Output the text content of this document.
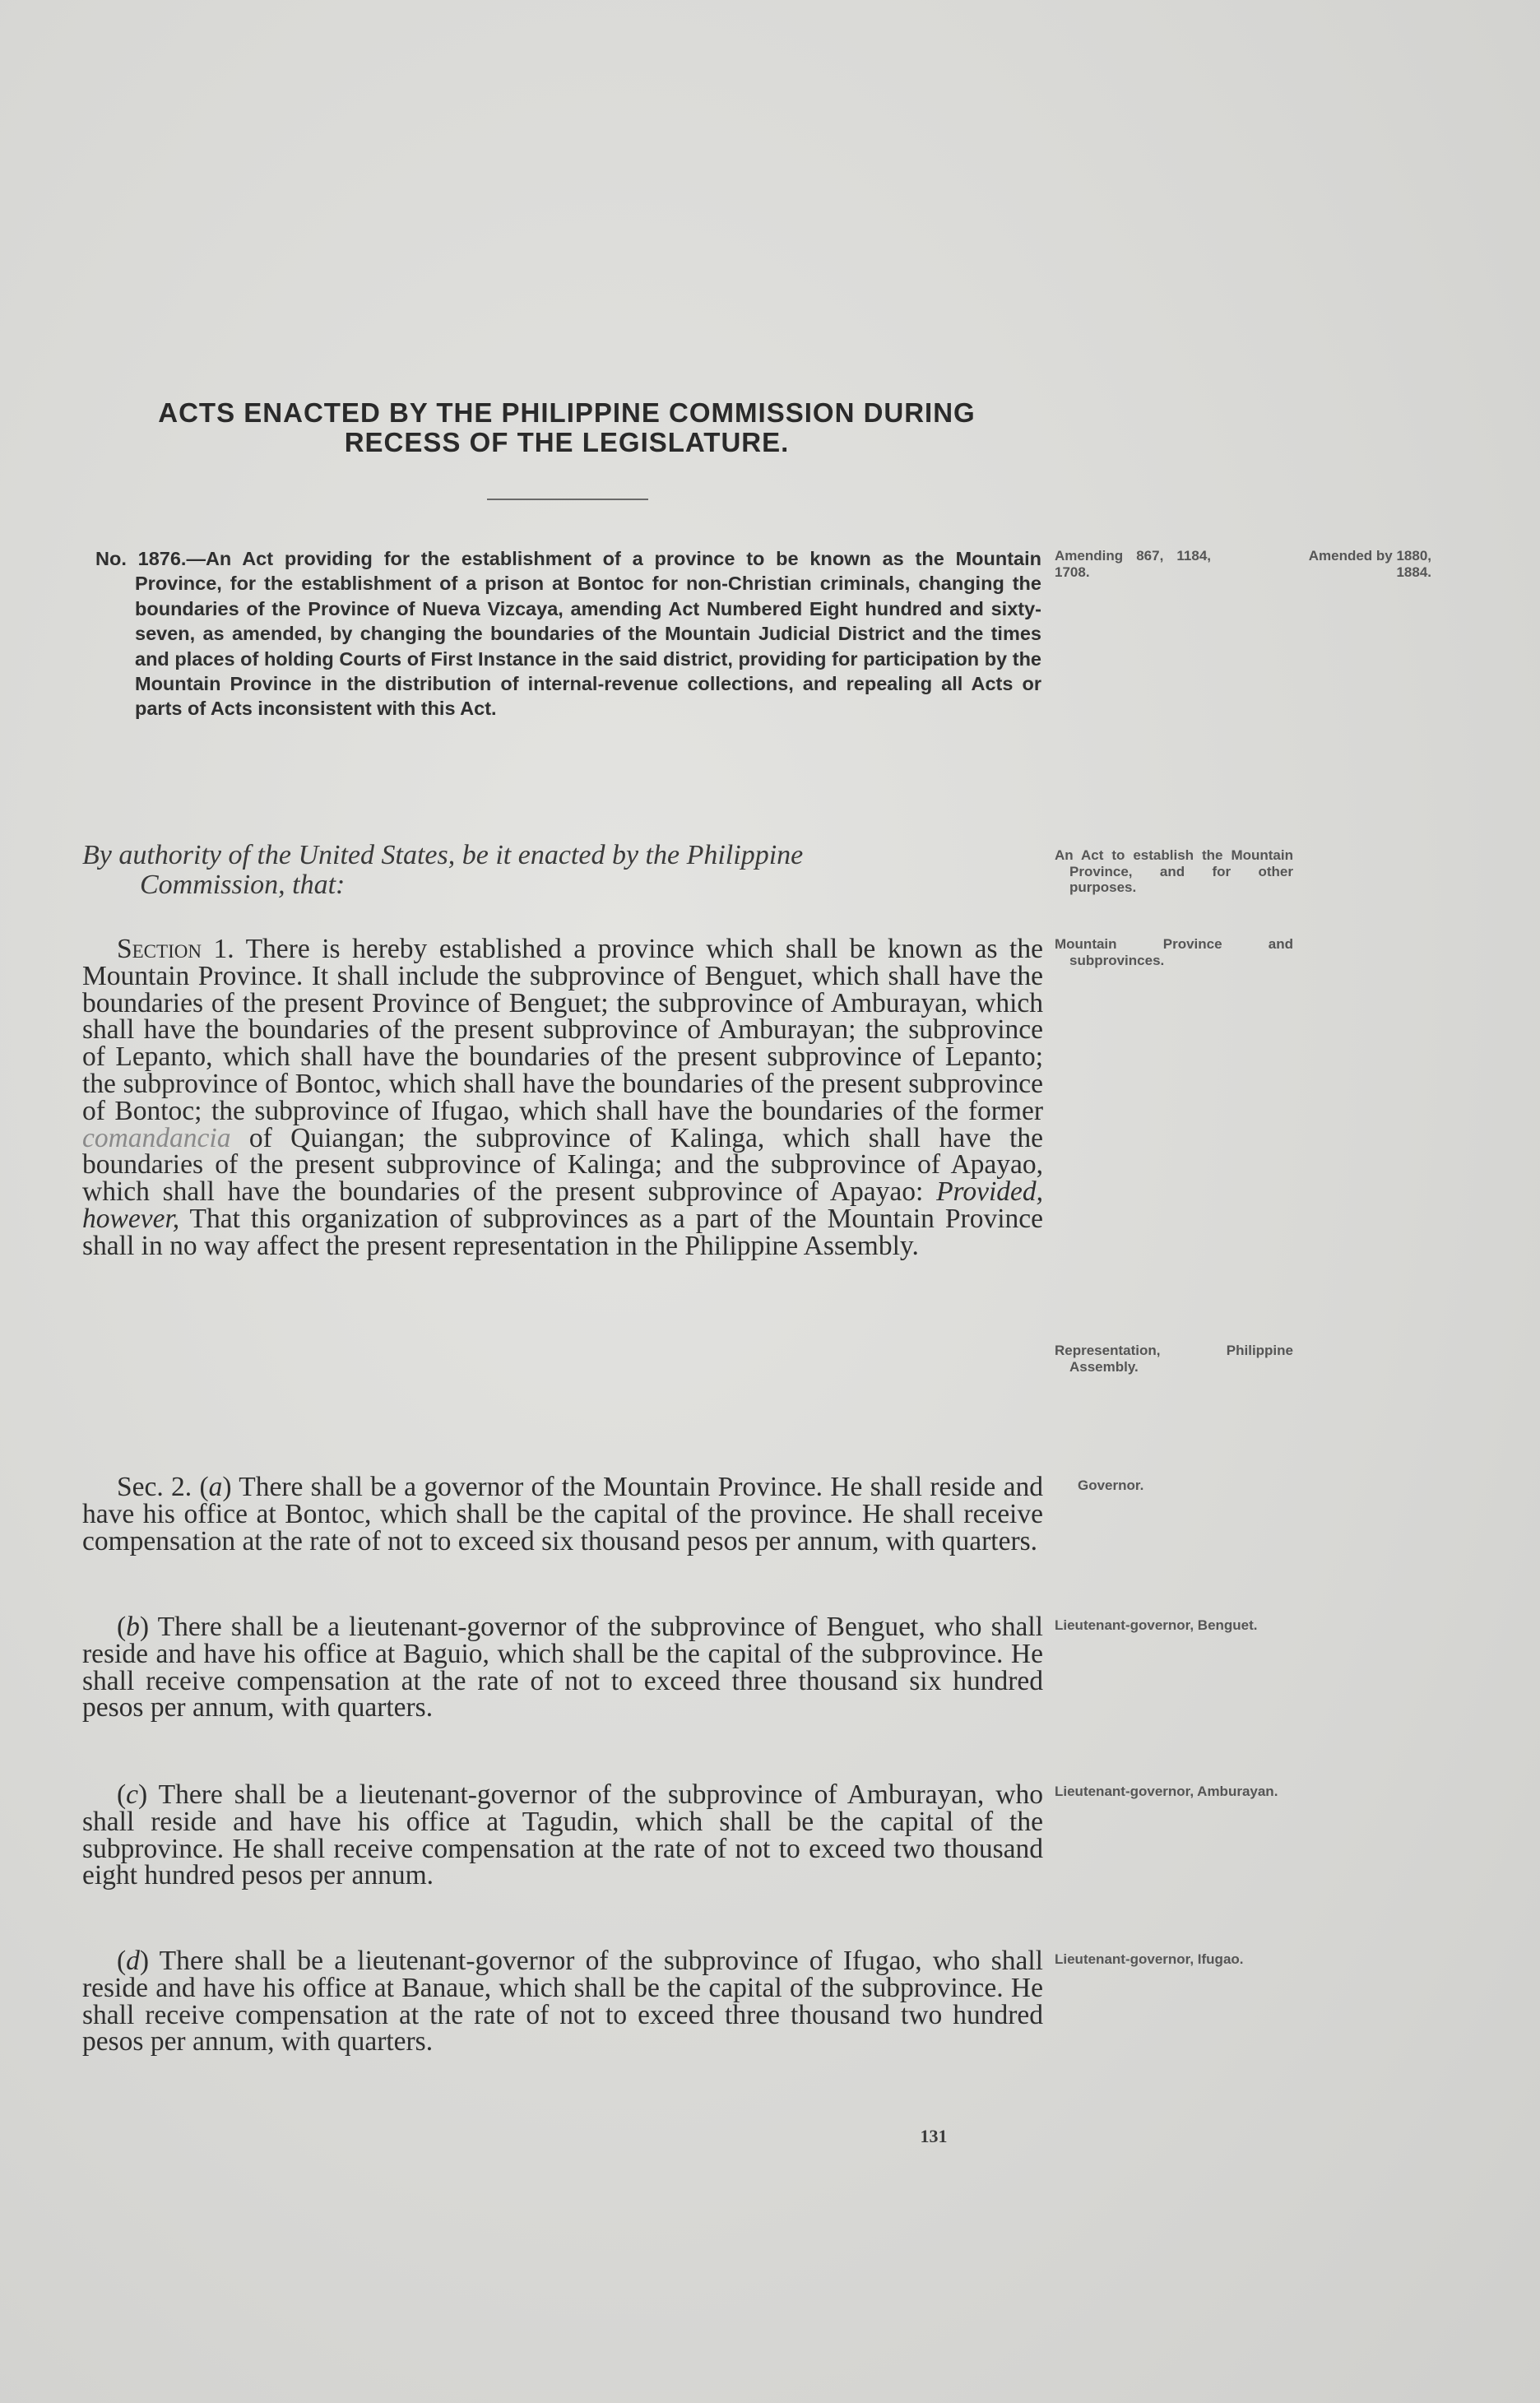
ACTS ENACTED BY THE PHILIPPINE COMMISSION DURING
RECESS OF THE LEGISLATURE.
No. 1876.—An Act providing for the establishment of a province to be known as the Mountain Province, for the establishment of a prison at Bontoc for non-Christian criminals, changing the boundaries of the Province of Nueva Vizcaya, amending Act Numbered Eight hundred and sixty-seven, as amended, by changing the boundaries of the Mountain Judicial District and the times and places of holding Courts of First Instance in the said district, providing for participation by the Mountain Province in the distribution of internal-revenue collections, and repealing all Acts or parts of Acts inconsistent with this Act.
By authority of the United States, be it enacted by the Philippine
Commission, that:

Section 1. There is hereby established a province which shall be known as the Mountain Province. It shall include the subprovince of Benguet, which shall have the boundaries of the present Province of Benguet; the subprovince of Amburayan, which shall have the boundaries of the present subprovince of Amburayan; the subprovince of Lepanto, which shall have the boundaries of the present subprovince of Lepanto; the subprovince of Bontoc, which shall have the boundaries of the present subprovince of Bontoc; the subprovince of Ifugao, which shall have the boundaries of the former comandancia of Quiangan; the subprovince of Kalinga, which shall have the boundaries of the present subprovince of Kalinga; and the subprovince of Apayao, which shall have the boundaries of the present subprovince of Apayao: Provided, however, That this organization of subprovinces as a part of the Mountain Province shall in no way affect the present representation in the Philippine Assembly.

Sec. 2. (a) There shall be a governor of the Mountain Province. He shall reside and have his office at Bontoc, which shall be the capital of the province. He shall receive compensation at the rate of not to exceed six thousand pesos per annum, with quarters.

(b) There shall be a lieutenant-governor of the subprovince of Benguet, who shall reside and have his office at Baguio, which shall be the capital of the subprovince. He shall receive compensation at the rate of not to exceed three thousand six hundred pesos per annum, with quarters.

(c) There shall be a lieutenant-governor of the subprovince of Amburayan, who shall reside and have his office at Tagudin, which shall be the capital of the subprovince. He shall receive compensation at the rate of not to exceed two thousand eight hundred pesos per annum.

(d) There shall be a lieutenant-governor of the subprovince of Ifugao, who shall reside and have his office at Banaue, which shall be the capital of the subprovince. He shall receive compensation at the rate of not to exceed three thousand two hundred pesos per annum, with quarters.

Amending 867, 1184, 1708.
Amended by 1880, 1884.
An Act to establish the Mountain Province, and for other purposes.
Mountain Province and subprovinces.
Representation, Philippine Assembly.
Governor.
Lieutenant-governor, Benguet.
Lieutenant-governor, Amburayan.
Lieutenant-governor, Ifugao.
131
